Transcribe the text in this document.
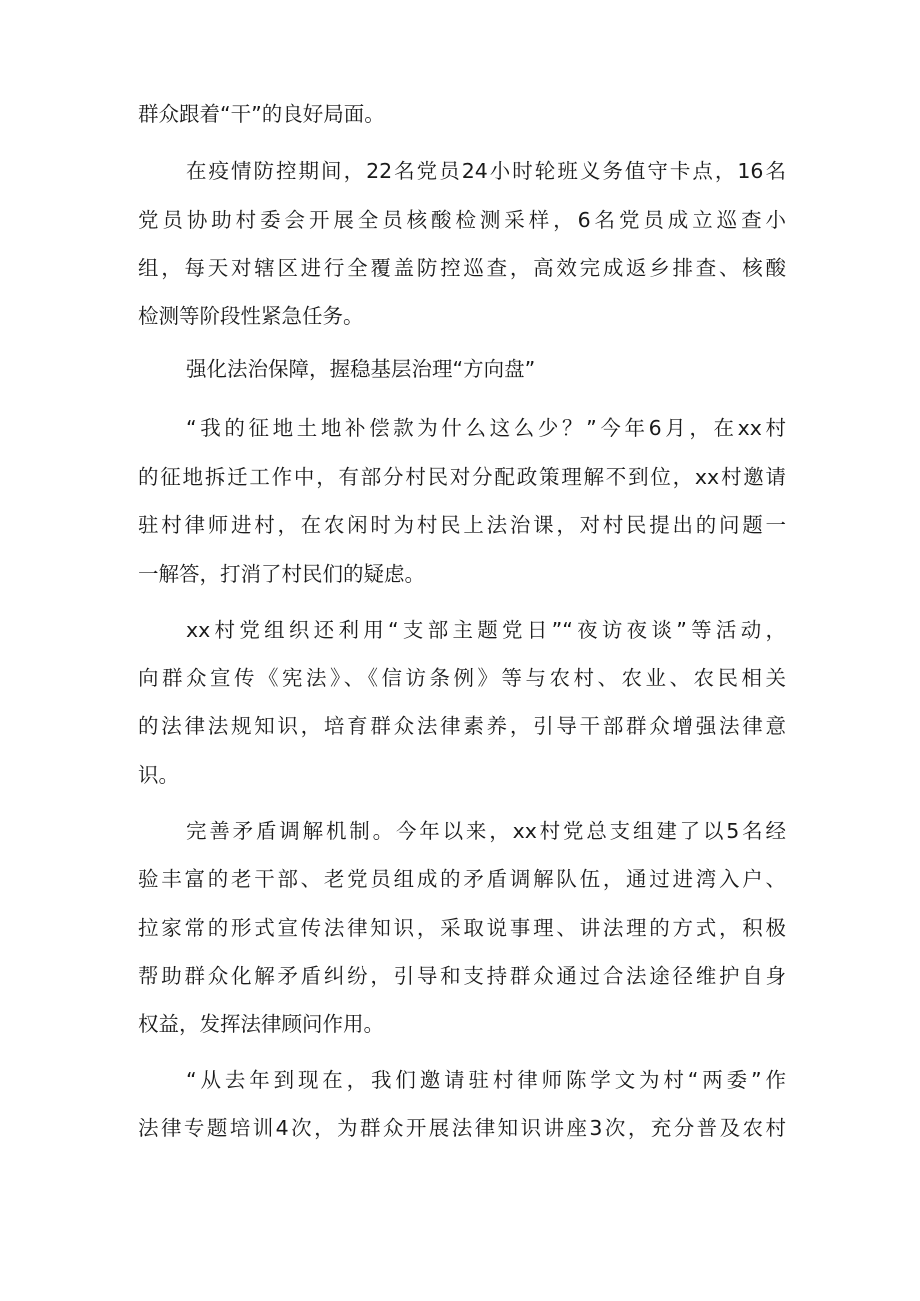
群众跟着“干”的良好局面。

在疫情防控期间，22名党员24小时轮班义务值守卡点，16名

党员协助村委会开展全员核酸检测采样，6名党员成立巡查小

组，每天对辖区进行全覆盖防控巡查，高效完成返乡排查、核酸

检测等阶段性紧急任务。

强化法治保障，握稳基层治理“方向盘”

“我的征地土地补偿款为什么这么少？”今年6月，在xx村

的征地拆迁工作中，有部分村民对分配政策理解不到位，xx村邀请

驻村律师进村，在农闲时为村民上法治课，对村民提出的问题一

一解答，打消了村民们的疑虑。

xx村党组织还利用“支部主题党日”“夜访夜谈”等活动，

向群众宣传《宪法》、《信访条例》等与农村、农业、农民相关

的法律法规知识，培育群众法律素养，引导干部群众增强法律意

识。

完善矛盾调解机制。今年以来，xx村党总支组建了以5名经

验丰富的老干部、老党员组成的矛盾调解队伍，通过进湾入户、

拉家常的形式宣传法律知识，采取说事理、讲法理的方式，积极

帮助群众化解矛盾纠纷，引导和支持群众通过合法途径维护自身

权益，发挥法律顾问作用。

“从去年到现在，我们邀请驻村律师陈学文为村“两委”作

法律专题培训4次，为群众开展法律知识讲座3次，充分普及农村
